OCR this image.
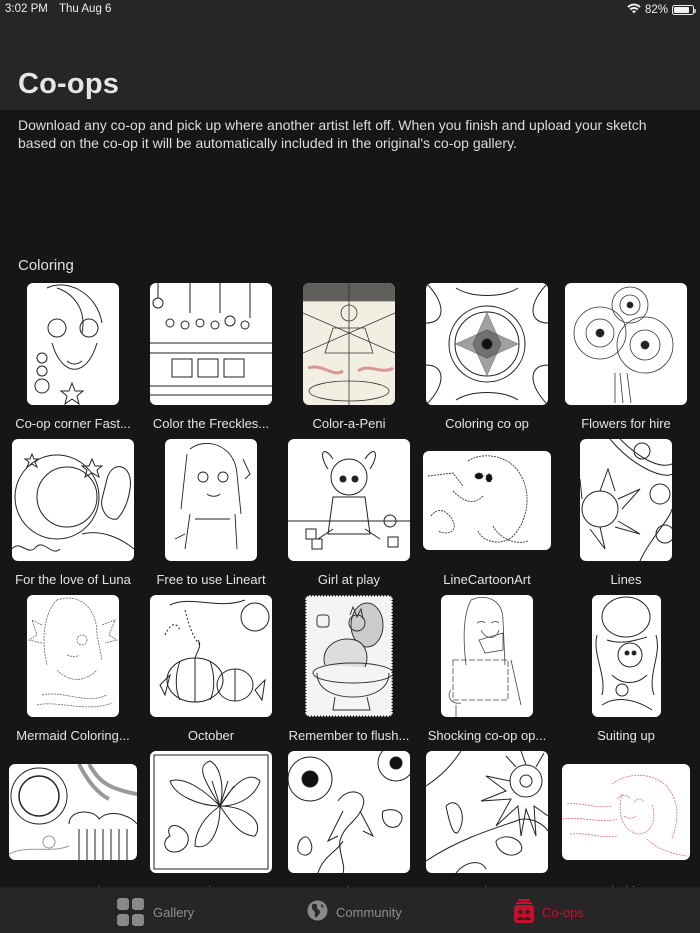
3:02 PM Thu Aug 6	82%
Co-ops
Download any co-op and pick up where another artist left off. When you finish and upload your sketch based on the co-op it will be automatically included in the original's co-op gallery.
Coloring
Co-op corner Fast...	Color the Freckles...	Color-a-Peni	Coloring co op	Flowers for hire
For the love of Luna	Free to use Lineart	Girl at play	LineCartoonArt	Lines
Mermaid Coloring...	October	Remember to flush...	Shocking co-op op...	Suiting up
Gallery	Community	Co-ops
